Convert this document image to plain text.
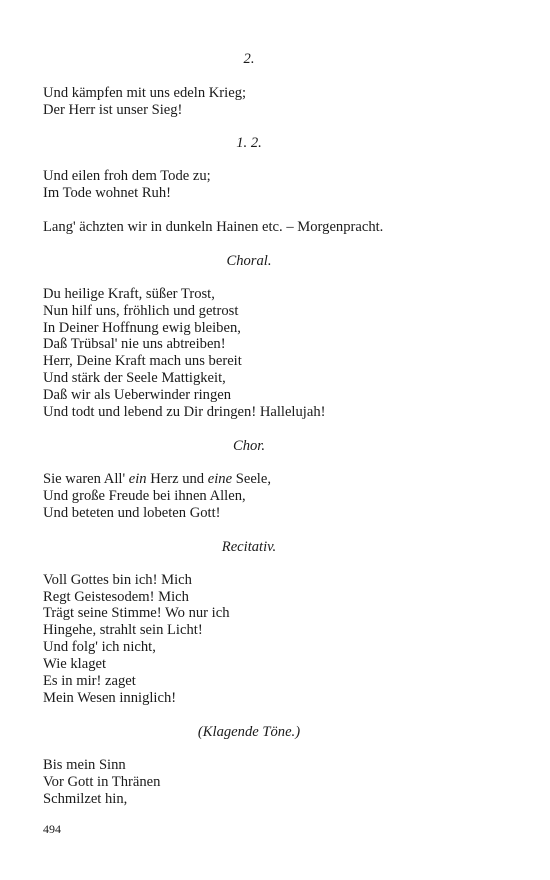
2.
Und kämpfen mit uns edeln Krieg;
Der Herr ist unser Sieg!
1. 2.
Und eilen froh dem Tode zu;
Im Tode wohnet Ruh!
Lang' ächzten wir in dunkeln Hainen etc. – Morgenpracht.
Choral.
Du heilige Kraft, süßer Trost,
Nun hilf uns, fröhlich und getrost
In Deiner Hoffnung ewig bleiben,
Daß Trübsal' nie uns abtreiben!
Herr, Deine Kraft mach uns bereit
Und stärk der Seele Mattigkeit,
Daß wir als Ueberwinder ringen
Und todt und lebend zu Dir dringen! Hallelujah!
Chor.
Sie waren All' ein Herz und eine Seele,
Und große Freude bei ihnen Allen,
Und beteten und lobeten Gott!
Recitativ.
Voll Gottes bin ich! Mich
Regt Geistesodem! Mich
Trägt seine Stimme! Wo nur ich
Hingehe, strahlt sein Licht!
Und folg' ich nicht,
Wie klaget
Es in mir! zaget
Mein Wesen inniglich!
(Klagende Töne.)
Bis mein Sinn
Vor Gott in Thränen
Schmilzet hin,
494
